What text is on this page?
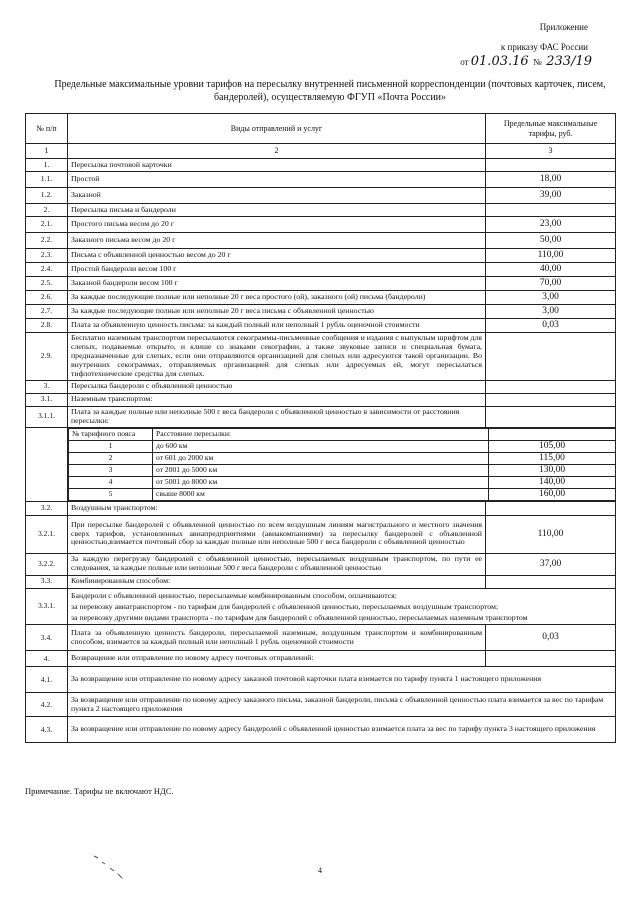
Приложение
к приказу ФАС России
от 01.03.16  №  233/19
Предельные максимальные уровни тарифов на пересылку внутренней письменной корреспонденции (почтовых карточек, писем, бандеролей), осуществляемую ФГУП «Почта России»
№ п/п	Виды отправлений и услуг	Предельные максимальные тарифы, руб.
1	2	3
1.	Пересылка почтовой карточки	
1.1.	Простой	18,00
1.2.	Заказной	39,00
2.	Пересылка письма и бандероли	
2.1.	Простого письма весом до 20 г	23,00
2.2.	Заказного письма весом до 20 г	50,00
2.3.	Письма с объявленной ценностью весом до 20 г	110,00
2.4.	Простой бандероли весом 100 г	40,00
2.5.	Заказной бандероли весом 100 г	70,00
2.6.	За каждые последующие полные или неполные 20 г веса простого (ой), заказного (ой) письма (бандероли)	3,00
2.7.	За каждые последующие полные или неполные 20 г веса письма с объявленной ценностью	3,00
2.8.	Плата за объявленную ценность письма: за каждый полный или неполный 1 рубль оценочной стоимости	0,03
2.9.	Бесплатно наземным транспортом пересылаются секограммы-письменные сообщения и издания с выпуклым шрифтом для слепых, подаваемые открыто, и клише со знаками секографии, а также звуковые записи и специальная бумага, предназначенные для слепых, если они отправляются организацией для слепых или адресуются такой организации. Во внутренних секограммах, отправляемых организацией для слепых или адресуемых ей, могут пересылаться тифлотехнические средства для слепых.	
3.	Пересылка бандероли с объявленной ценностью	
3.1.	Наземным транспортом:	
3.1.1.	Плата за каждые полные или неполные 500 г веса бандероли с объявленной ценностью в зависимости от расстояния пересылки:	

№ тарифного пояса	Расстояние пересылки:	
1	до 600 км	105,00
2	от 601 до 2000 км	115,00
3	от 2001 до 5000 км	130,00
4	от 5001 до 8000 км	140,00
5	свыше 8000 км	160,00

3.2.	Воздушным транспортом:	
3.2.1.	При пересылке бандеролей с объявленной ценностью по всем воздушным линиям магистрального и местного значения сверх тарифов, установленных авиапредприятиями (авиакомпаниями) за пересылку бандеролей с объявленной ценностью,взимается почтовый сбор за каждые полные или неполные 500 г веса бандероли с объявленной ценностью	110,00
3.2.2.	За каждую перегрузку бандеролей с объявленной ценностью, пересылаемых воздушным транспортом, по пути ее следования, за каждые полные или неполные 500 г веса бандероли с объявленной ценностью	37,00
3.3.	Комбинированным способом:	
3.3.1.	
Бандероли с объявленной ценностью, пересылаемые комбинированным способом, оплачиваются:
за перевозку авиатранспортом - по тарифам для бандеролей с объявленной ценностью, пересылаемых воздушным транспортом;
за перевозку другими видами транспорта - по тарифам для бандеролей с объявленной ценностью, пересылаемых наземным транспортом

3.4.	Плата за объявленную ценность бандероли, пересылаемой наземным, воздушным транспортом и комбинированным способом, взимается за каждый полный или неполный 1 рубль оценочной стоимости	0,03
4.	Возвращение или отправление по новому адресу почтовых отправлений:	
4.1.	За возвращение или отправление по новому адресу заказной почтовой карточки плата взимается по тарифу пункта 1 настоящего приложения
4.2.	За возвращение или отправление по новому адресу заказного письма, заказной бандероли, письма с объявленной ценностью плата взимается за вес по тарифам пункта 2 настоящего приложения
4.3.	За возвращение или отправление по новому адресу бандеролей с объявленной ценностью взимается плата за вес по тарифу пункта 3 настоящего приложения
Примечание. Тарифы не включают НДС.
4
